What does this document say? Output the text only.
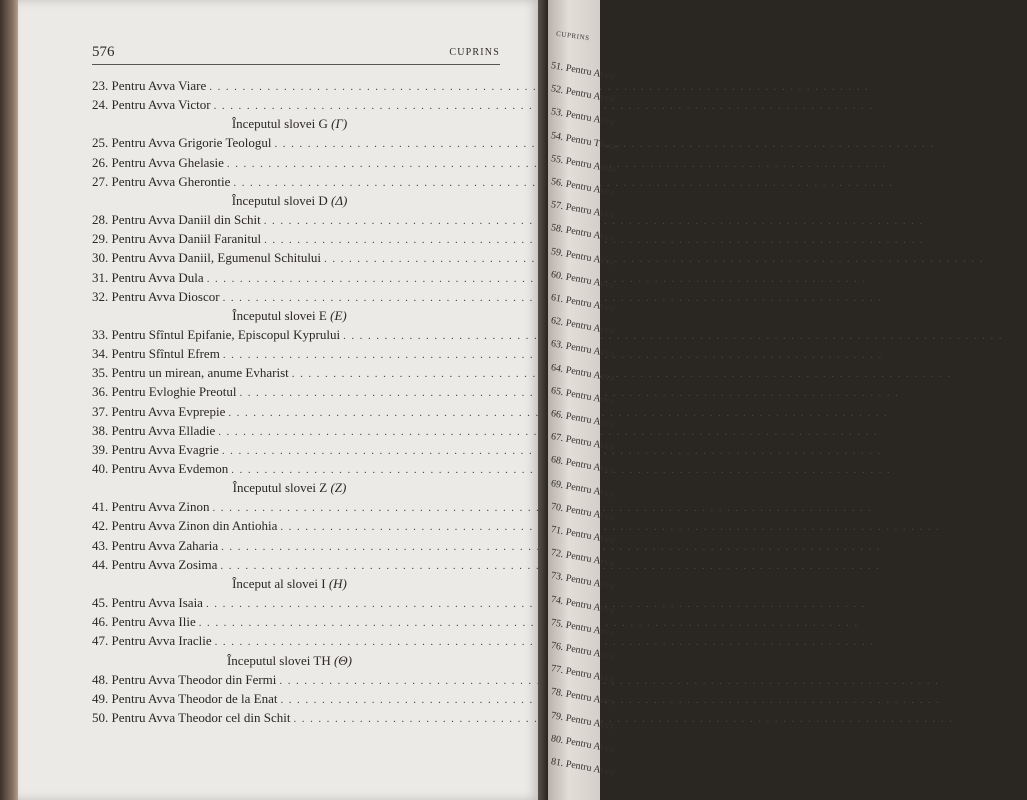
576	CUPRINS
23. Pentru Avva Viare . . .	56
24. Pentru Avva Victor . . .	56
Începutul slovei G (Γ)
25. Pentru Avva Grigorie Teologul . . .	57
26. Pentru Avva Ghelasie . . .	58
27. Pentru Avva Gherontie . . .	62
Începutul slovei D (Δ)
28. Pentru Avva Daniil din Schit . . .	63
29. Pentru Avva Daniil Faranitul . . .	64
30. Pentru Avva Daniil, Egumenul Schitului . . .	67
31. Pentru Avva Dula . . .	76
32. Pentru Avva Dioscor . . .	76
Începutul slovei E (E)
33. Pentru Sfîntul Epifanie, Episcopul Kyprului . . .	78
34. Pentru Sfîntul Efrem . . .	81
35. Pentru un mirean, anume Evharist . . .	82
36. Pentru Evloghie Preotul . . .	83
37. Pentru Avva Evprepie . . .	84
38. Pentru Avva Elladie . . .	85
39. Pentru Avva Evagrie . . .	85
40. Pentru Avva Evdemon . . .	87
Începutul slovei Z (Z)
41. Pentru Avva Zinon . . .	88
42. Pentru Avva Zinon din Antiohia . . .	92
43. Pentru Avva Zaharia . . .	92
44. Pentru Avva Zosima . . .	94
Început al slovei I (H)
45. Pentru Avva Isaia . . .	99
46. Pentru Avva Ilie . . .	100
47. Pentru Avva Iraclie . . .	102
Începutul slovei TH (Θ)
48. Pentru Avva Theodor din Fermi . . .	103
49. Pentru Avva Theodor de la Enat . . .	108
50. Pentru Avva Theodor cel din Schit . . .	108
CUPRINS
51. Pentru Avva
52. Pentru Avva
53. Pentru Avva
54. Pentru Theod
55. Pentru Amm
56. Pentru Avva
57. Pentru Avva
58. Pentru Avva
59. Pentru Avva
60. Pentru Avva
61. Pentru Avva
62. Pentru Avva
63. Pentru Avva
64. Pentru Avva
65. Pentru Avva
66. Pentru Avva
67. Pentru Avva
68. Pentru Avva
69. Pentru Avva
70. Pentru Avva
71. Pentru Avva
72. Pentru Avva
73. Pentru Avva
74. Pentru Avva
75. Pentru Avva
76. Pentru Avva
77. Pentru Avva
78. Pentru Avva
79. Pentru Avva
80. Pentru Avva
81. Pentru Avva
